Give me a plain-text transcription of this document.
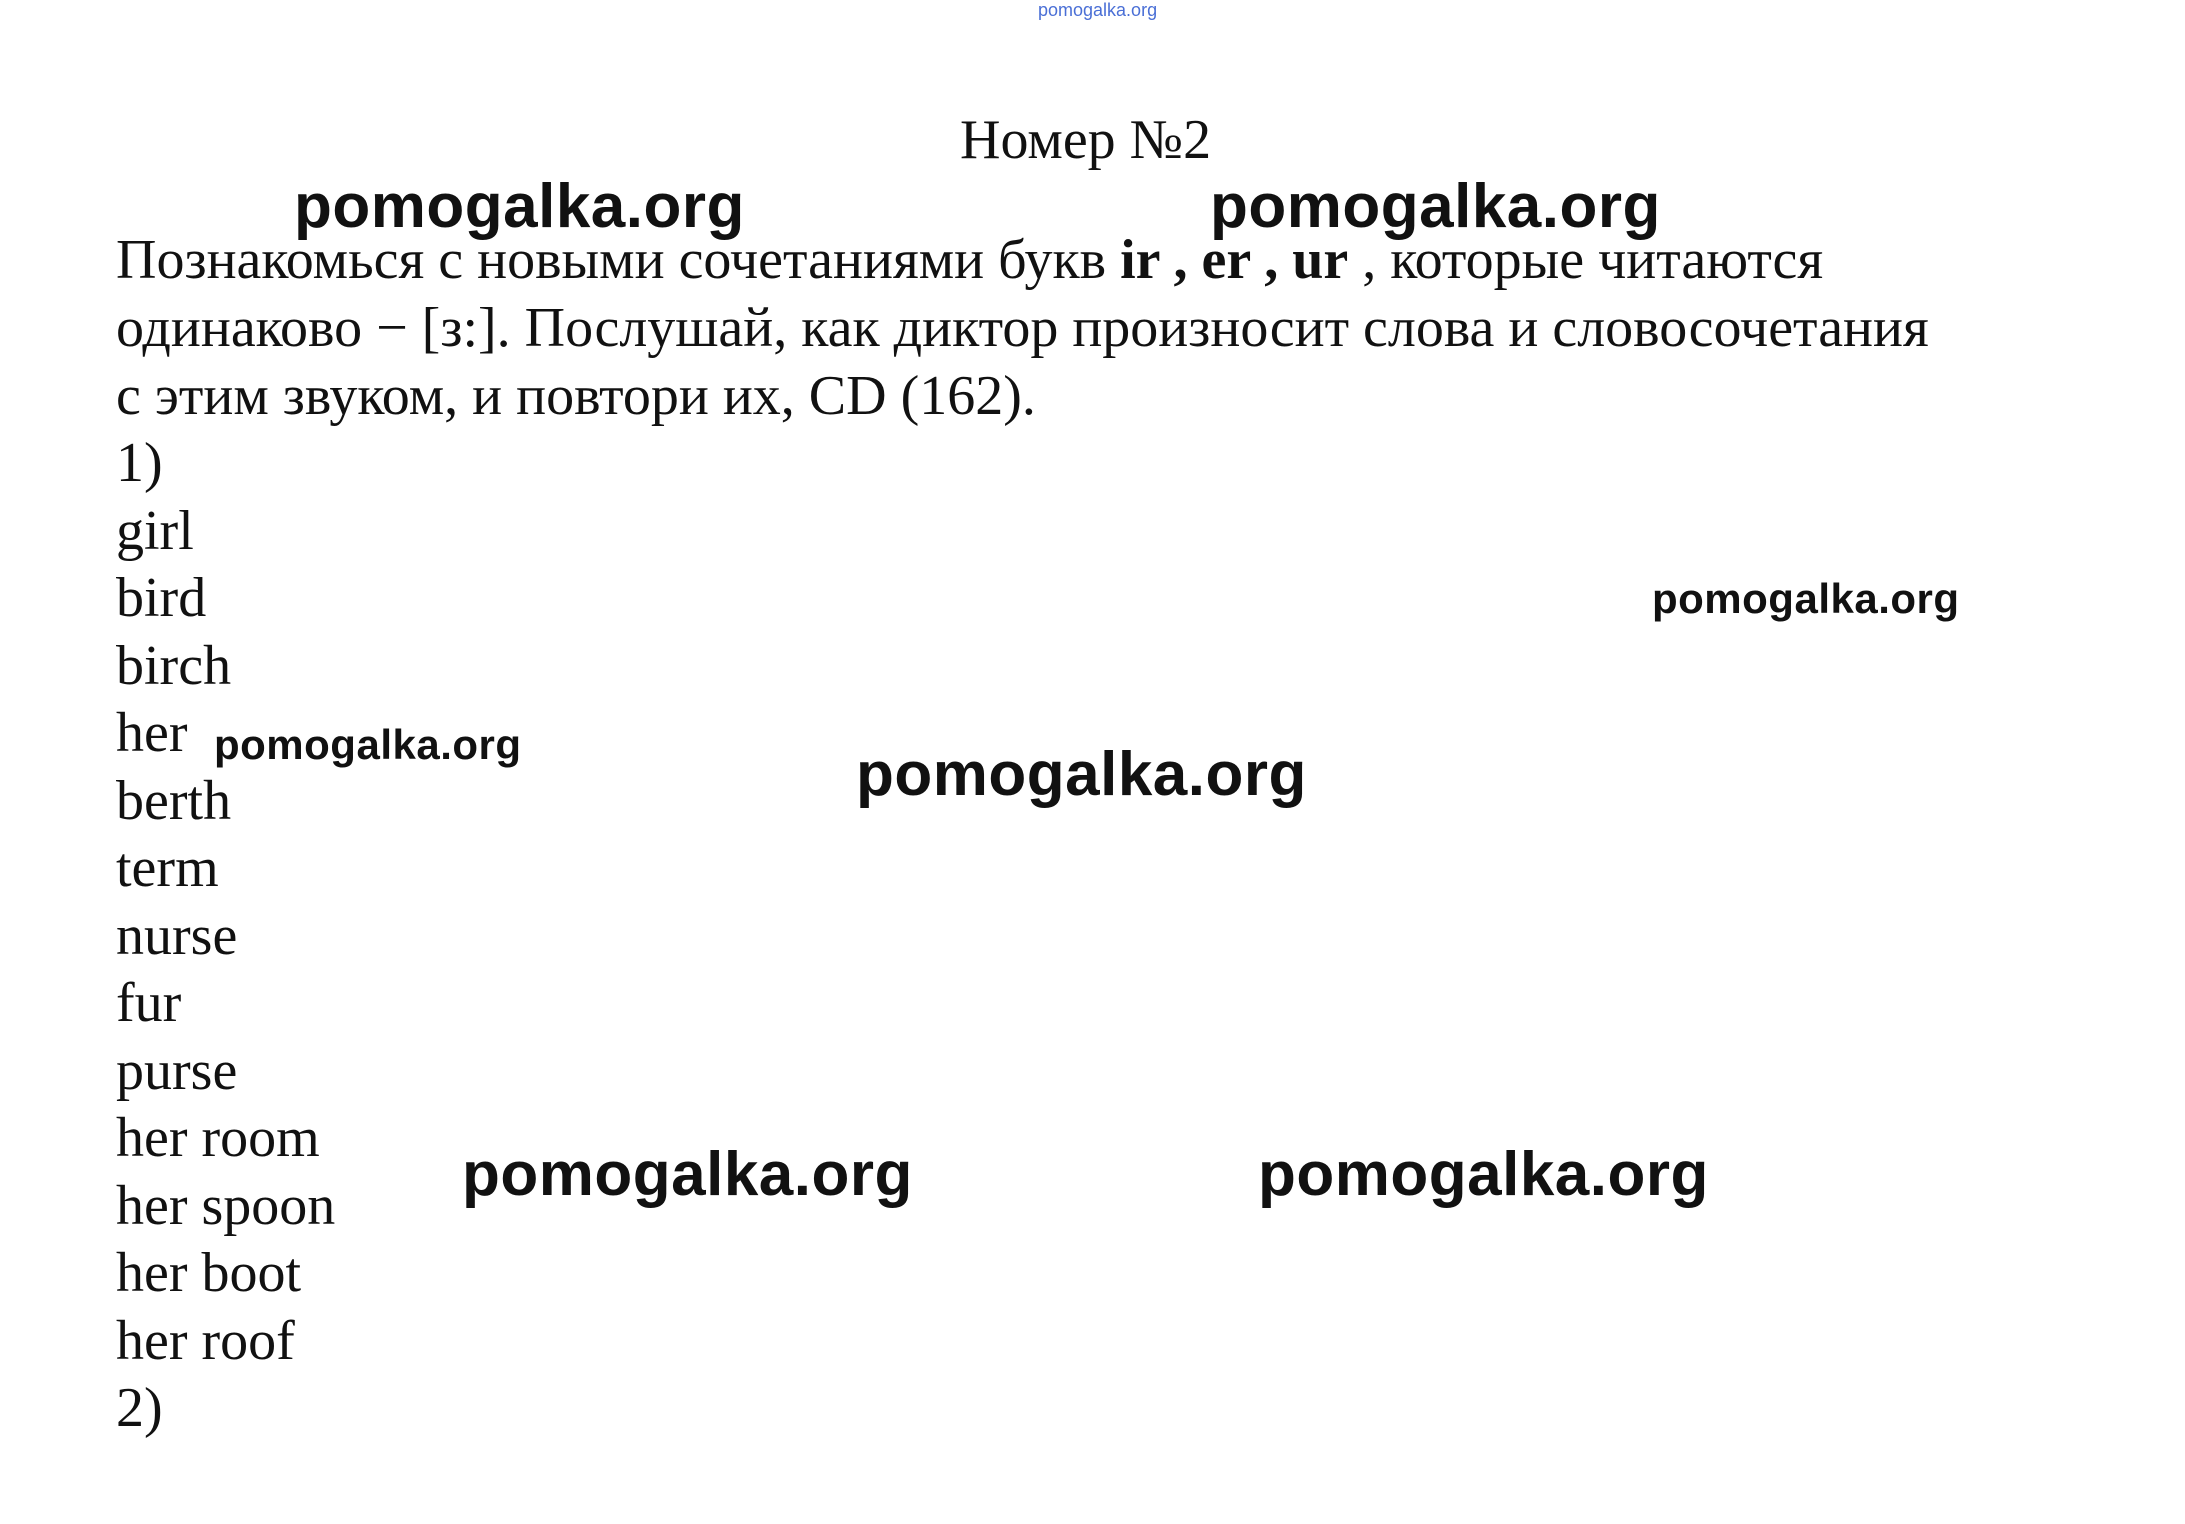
pomogalka.org
Номер №2

Познакомься с новыми сочетаниями букв ir , er , ur , которые читаются
одинаково − [з:]. Послушай, как диктор произносит слова и словосочетания
с этим звуком, и повтори их, CD (162).

1)
girl
bird
birch
her
berth
term
nurse
fur
purse
her room
her spoon
her boot
her roof
2)
pomogalka.org	pomogalka.org
pomogalka.org
pomogalka.org	pomogalka.org
pomogalka.org	pomogalka.org
